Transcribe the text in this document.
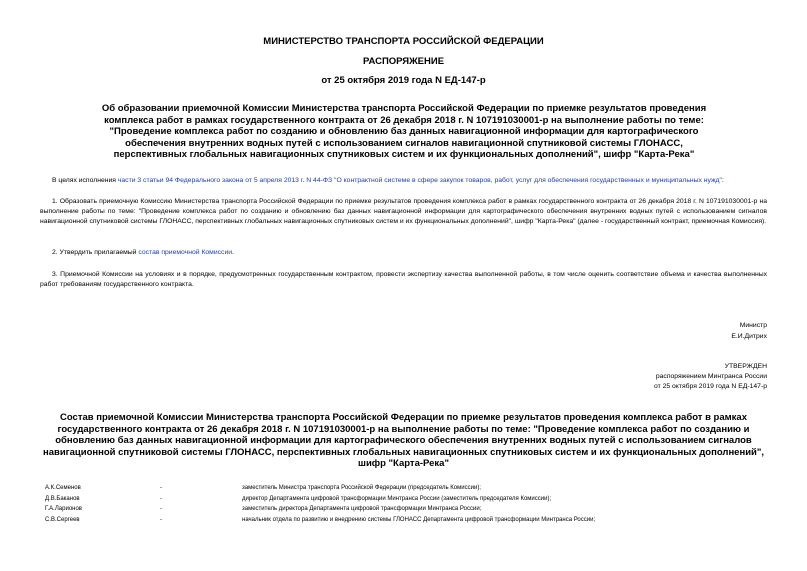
МИНИСТЕРСТВО ТРАНСПОРТА РОССИЙСКОЙ ФЕДЕРАЦИИ
РАСПОРЯЖЕНИЕ
от 25 октября 2019 года N ЕД-147-р
Об образовании приемочной Комиссии Министерства транспорта Российской Федерации по приемке результатов проведения комплекса работ в рамках государственного контракта от 26 декабря 2018 г. N 107191030001-р на выполнение работы по теме: "Проведение комплекса работ по созданию и обновлению баз данных навигационной информации для картографического обеспечения внутренних водных путей с использованием сигналов навигационной спутниковой системы ГЛОНАСС, перспективных глобальных навигационных спутниковых систем и их функциональных дополнений", шифр "Карта-Река"
В целях исполнения части 3 статьи 94 Федерального закона от 5 апреля 2013 г. N 44-ФЗ "О контрактной системе в сфере закупок товаров, работ, услуг для обеспечения государственных и муниципальных нужд":
1. Образовать приемочную Комиссию Министерства транспорта Российской Федерации по приемке результатов проведения комплекса работ в рамках государственного контракта от 26 декабря 2018 г. N 107191030001-р на выполнение работы по теме: "Проведение комплекса работ по созданию и обновлению баз данных навигационной информации для картографического обеспечения внутренних водных путей с использованием сигналов навигационной спутниковой системы ГЛОНАСС, перспективных глобальных навигационных спутниковых систем и их функциональных дополнений", шифр "Карта-Река" (далее - государственный контракт, приемочная Комиссия).
2. Утвердить прилагаемый состав приемочной Комиссии.
3. Приемочной Комиссии на условиях и в порядке, предусмотренных государственным контрактом, провести экспертизу качества выполненной работы, в том числе оценить соответствие объема и качества выполненных работ требованиям государственного контракта.
Министр
Е.И.Дитрих
УТВЕРЖДЕН
распоряжением Минтранса России
от 25 октября 2019 года N ЕД-147-р
Состав приемочной Комиссии Министерства транспорта Российской Федерации по приемке результатов проведения комплекса работ в рамках государственного контракта от 26 декабря 2018 г. N 107191030001-р на выполнение работы по теме: "Проведение комплекса работ по созданию и обновлению баз данных навигационной информации для картографического обеспечения внутренних водных путей с использованием сигналов навигационной спутниковой системы ГЛОНАСС, перспективных глобальных навигационных спутниковых систем и их функциональных дополнений", шифр "Карта-Река"
А.К.Семенов	-	заместитель Министра транспорта Российской Федерации (председатель Комиссии);
Д.В.Баканов	-	директор Департамента цифровой трансформации Минтранса России (заместитель председателя Комиссии);
Г.А.Ларионов	-	заместитель директора Департамента цифровой трансформации Минтранса России;
С.В.Сергеев	-	начальник отдела по развитию и внедрению системы ГЛОНАСС Департамента цифровой трансформации Минтранса России;
